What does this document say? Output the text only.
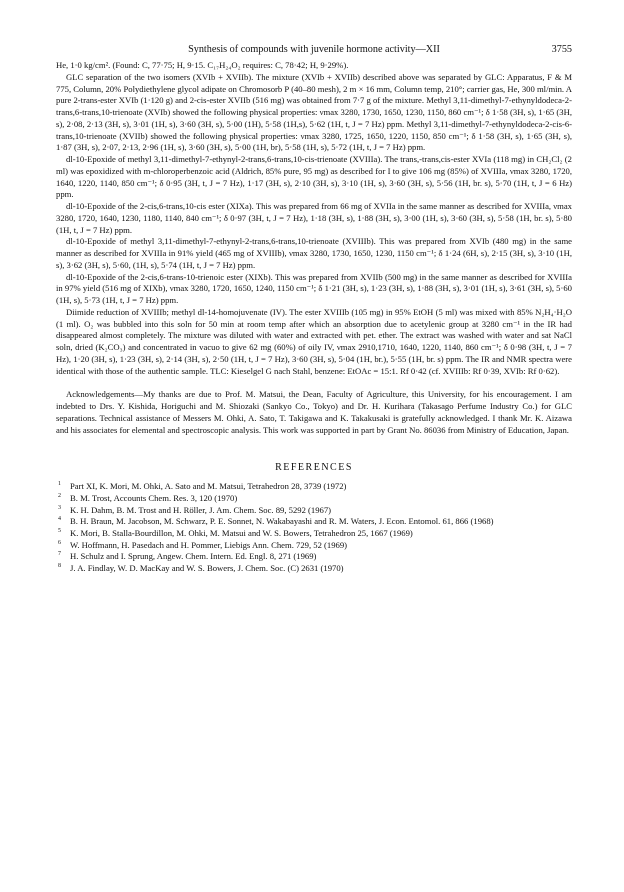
Synthesis of compounds with juvenile hormone activity—XII	3755

He, 1·0 kg/cm². (Found: C, 77·75; H, 9·15. C₁₇H₂₄O₂ requires: C, 78·42; H, 9·29%).

GLC separation of the two isomers (XVIb + XVIIb). The mixture (XVIb + XVIIb) described above was separated by GLC: Apparatus, F & M 775, Column, 20% Polydiethylene glycol adipate on Chromosorb P (40–80 mesh), 2 m × 16 mm, Column temp, 210°; carrier gas, He, 300 ml/min. A pure 2-trans-ester XVIb (1·120 g) and 2-cis-ester XVIIb (516 mg) was obtained from 7·7 g of the mixture. Methyl 3,11-dimethyl-7-ethynyldodeca-2-trans,6-trans,10-trienoate (XVIb) showed the following physical properties: νmax 3280, 1730, 1650, 1230, 1150, 860 cm⁻¹; δ 1·58 (3H, s), 1·65 (3H, s), 2·08, 2·13 (3H, s), 3·01 (1H, s), 3·60 (3H, s), 5·00 (1H), 5·58 (1H,s), 5·62 (1H, t, J = 7 Hz) ppm. Methyl 3,11-dimethyl-7-ethynyldodeca-2-cis-6-trans,10-trienoate (XVIIb) showed the following physical properties: νmax 3280, 1725, 1650, 1220, 1150, 850 cm⁻¹; δ 1·58 (3H, s), 1·65 (3H, s), 1·87 (3H, s), 2·07, 2·13, 2·96 (1H, s), 3·60 (3H, s), 5·00 (1H, br), 5·58 (1H, s), 5·72 (1H, t, J = 7 Hz) ppm.

dl-10-Epoxide of methyl 3,11-dimethyl-7-ethynyl-2-trans,6-trans,10-cis-trienoate (XVIIIa). The trans,-trans,cis-ester XVIa (118 mg) in CH₂Cl₂ (2 ml) was epoxidized with m-chloroperbenzoic acid (Aldrich, 85% pure, 95 mg) as described for I to give 106 mg (85%) of XVIIIa, νmax 3280, 1720, 1640, 1220, 1140, 850 cm⁻¹; δ 0·95 (3H, t, J = 7 Hz), 1·17 (3H, s), 2·10 (3H, s), 3·10 (1H, s), 3·60 (3H, s), 5·56 (1H, br. s), 5·70 (1H, t, J = 6 Hz) ppm.

dl-10-Epoxide of the 2-cis,6-trans,10-cis ester (XIXa). This was prepared from 66 mg of XVIIa in the same manner as described for XVIIIa, νmax 3280, 1720, 1640, 1230, 1180, 1140, 840 cm⁻¹; δ 0·97 (3H, t, J = 7 Hz), 1·18 (3H, s), 1·88 (3H, s), 3·00 (1H, s), 3·60 (3H, s), 5·58 (1H, br. s), 5·80 (1H, t, J = 7 Hz) ppm.

dl-10-Epoxide of methyl 3,11-dimethyl-7-ethynyl-2-trans,6-trans,10-trienoate (XVIIIb). This was prepared from XVIb (480 mg) in the same manner as described for XVIIIa in 91% yield (465 mg of XVIIIb), νmax 3280, 1730, 1650, 1230, 1150 cm⁻¹; δ 1·24 (6H, s), 2·15 (3H, s), 3·10 (1H, s), 3·62 (3H, s), 5·60, (1H, s), 5·74 (1H, t, J = 7 Hz) ppm.

dl-10-Epoxide of the 2-cis,6-trans-10-trienoic ester (XIXb). This was prepared from XVIIb (500 mg) in the same manner as described for XVIIIa in 97% yield (516 mg of XIXb), νmax 3280, 1720, 1650, 1240, 1150 cm⁻¹; δ 1·21 (3H, s), 1·23 (3H, s), 1·88 (3H, s), 3·01 (1H, s), 3·61 (3H, s), 5·60 (1H, s), 5·73 (1H, t, J = 7 Hz) ppm.

Diimide reduction of XVIIIb; methyl dl-14-homojuvenate (IV). The ester XVIIIb (105 mg) in 95% EtOH (5 ml) was mixed with 85% N₂H₄·H₂O (1 ml). O₂ was bubbled into this soln for 50 min at room temp after which an absorption due to acetylenic group at 3280 cm⁻¹ in the IR had disappeared almost completely. The mixture was diluted with water and extracted with pet. ether. The extract was washed with water and sat NaCl soln, dried (K₂CO₃) and concentrated in vacuo to give 62 mg (60%) of oily IV, νmax 2910,1710, 1640, 1220, 1140, 860 cm⁻¹; δ 0·98 (3H, t, J = 7 Hz), 1·20 (3H, s), 1·23 (3H, s), 2·14 (3H, s), 2·50 (1H, t, J = 7 Hz), 3·60 (3H, s), 5·04 (1H, br.), 5·55 (1H, br. s) ppm. The IR and NMR spectra were identical with those of the authentic sample. TLC: Kieselgel G nach Stahl, benzene: EtOAc = 15:1. Rf 0·42 (cf. XVIIIb: Rf 0·39, XVIb: Rf 0·62).

Acknowledgements—My thanks are due to Prof. M. Matsui, the Dean, Faculty of Agriculture, this University, for his encouragement. I am indebted to Drs. Y. Kishida, Horiguchi and M. Shiozaki (Sankyo Co., Tokyo) and Dr. H. Kurihara (Takasago Perfume Industry Co.) for GLC separations. Technical assistance of Messers M. Ohki, A. Sato, T. Takigawa and K. Takakusaki is gratefully acknowledged. I thank Mr. K. Aizawa and his associates for elemental and spectroscopic analysis. This work was supported in part by Grant No. 86036 from Ministry of Education, Japan.

REFERENCES
1 Part XI, K. Mori, M. Ohki, A. Sato and M. Matsui, Tetrahedron 28, 3739 (1972)
2 B. M. Trost, Accounts Chem. Res. 3, 120 (1970)
3 K. H. Dahm, B. M. Trost and H. Röller, J. Am. Chem. Soc. 89, 5292 (1967)
4 B. H. Braun, M. Jacobson, M. Schwarz, P. E. Sonnet, N. Wakabayashi and R. M. Waters, J. Econ. Entomol. 61, 866 (1968)
5 K. Mori, B. Stalla-Bourdillon, M. Ohki, M. Matsui and W. S. Bowers, Tetrahedron 25, 1667 (1969)
6 W. Hoffmann, H. Pasedach and H. Pommer, Liebigs Ann. Chem. 729, 52 (1969)
7 H. Schulz and I. Sprung, Angew. Chem. Intern. Ed. Engl. 8, 271 (1969)
8 J. A. Findlay, W. D. MacKay and W. S. Bowers, J. Chem. Soc. (C) 2631 (1970)
